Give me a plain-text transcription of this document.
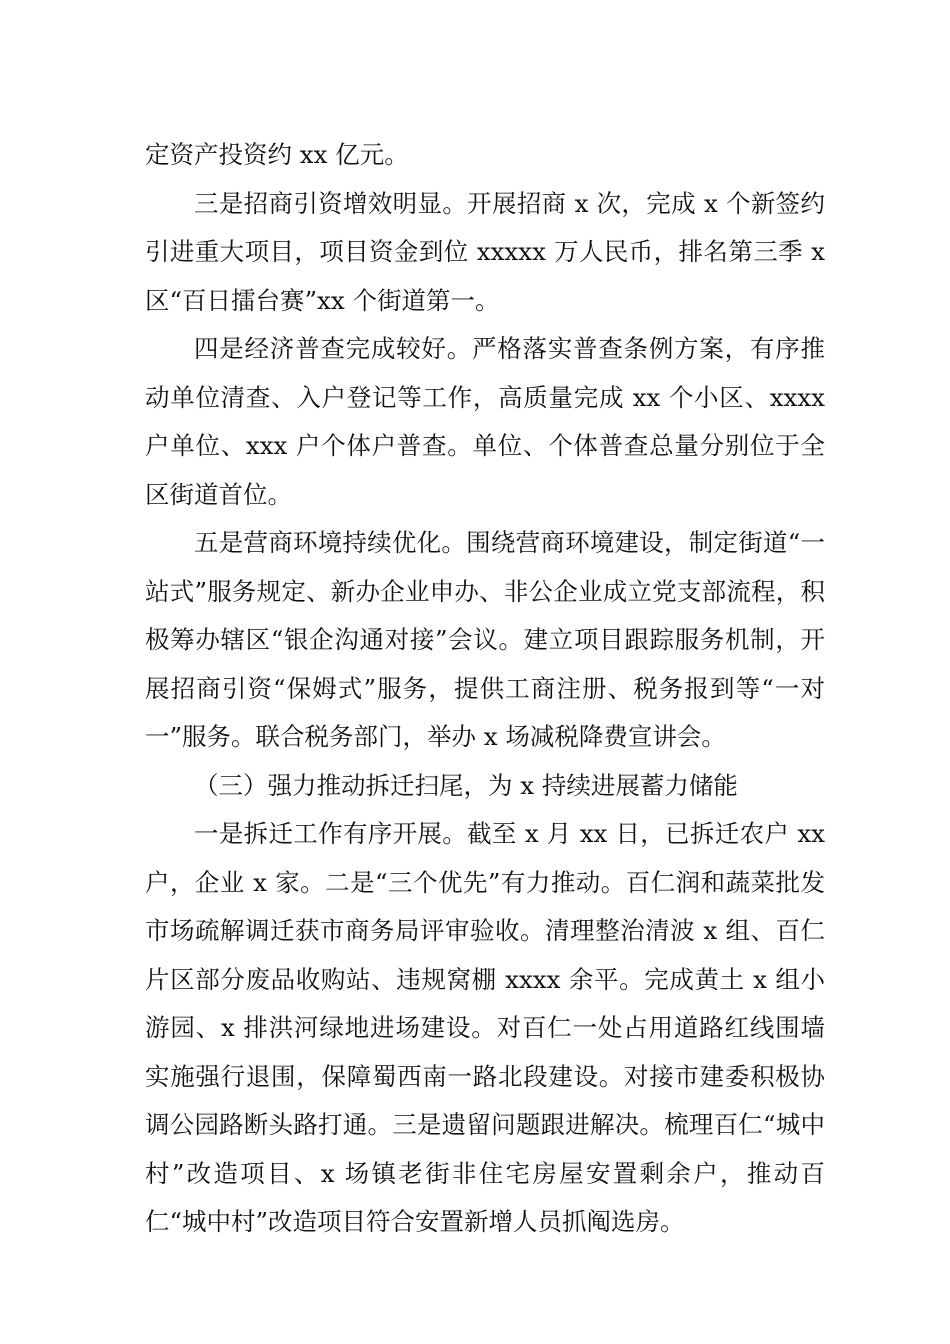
定资产投资约 xx 亿元。

三是招商引资增效明显。开展招商 x 次，完成 x 个新签约引进重大项目，项目资金到位 xxxxx 万人民币，排名第三季 x 区“百日擂台赛”xx 个街道第一。

四是经济普查完成较好。严格落实普查条例方案，有序推动单位清查、入户登记等工作，高质量完成 xx 个小区、xxxx 户单位、xxx 户个体户普查。单位、个体普查总量分别位于全区街道首位。

五是营商环境持续优化。围绕营商环境建设，制定街道“一站式”服务规定、新办企业申办、非公企业成立党支部流程，积极筹办辖区“银企沟通对接”会议。建立项目跟踪服务机制，开展招商引资“保姆式”服务，提供工商注册、税务报到等“一对一”服务。联合税务部门，举办 x 场减税降费宣讲会。

（三）强力推动拆迁扫尾，为 x 持续进展蓄力储能

一是拆迁工作有序开展。截至 x 月 xx 日，已拆迁农户 xx 户，企业 x 家。二是“三个优先”有力推动。百仁润和蔬菜批发市场疏解调迁获市商务局评审验收。清理整治清波 x 组、百仁片区部分废品收购站、违规窝棚 xxxx 余平。完成黄土 x 组小游园、x 排洪河绿地进场建设。对百仁一处占用道路红线围墙实施强行退围，保障蜀西南一路北段建设。对接市建委积极协调公园路断头路打通。三是遗留问题跟进解决。梳理百仁“城中村”改造项目、x 场镇老街非住宅房屋安置剩余户，推动百仁“城中村”改造项目符合安置新增人员抓阄选房。
